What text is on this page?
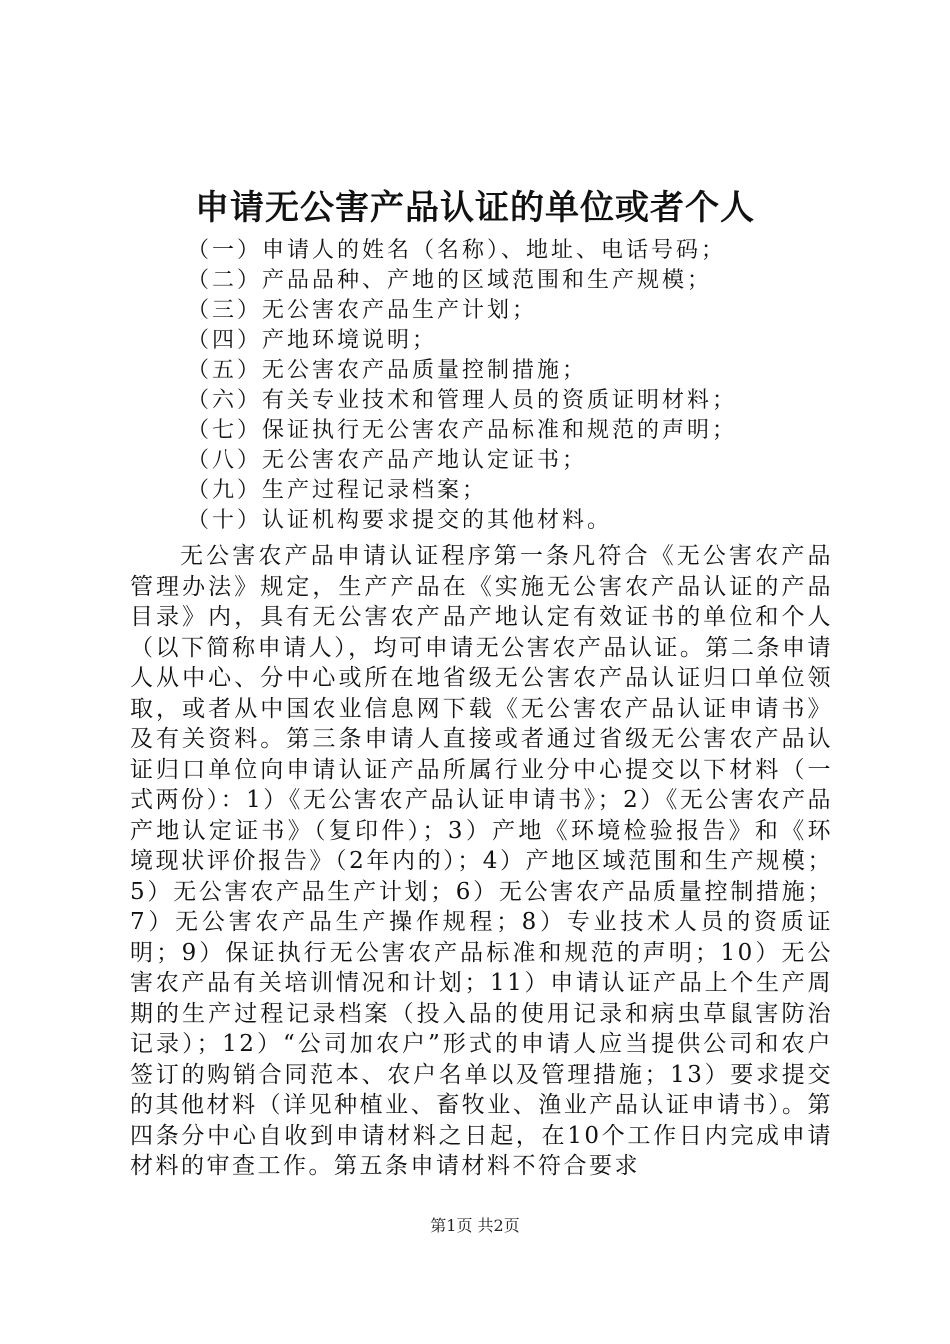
申请无公害产品认证的单位或者个人
（一）申请人的姓名（名称）、地址、电话号码；
（二）产品品种、产地的区域范围和生产规模；
（三）无公害农产品生产计划；
（四）产地环境说明；
（五）无公害农产品质量控制措施；
（六）有关专业技术和管理人员的资质证明材料；
（七）保证执行无公害农产品标准和规范的声明；
（八）无公害农产品产地认定证书；
（九）生产过程记录档案；
（十）认证机构要求提交的其他材料。

无公害农产品申请认证程序第一条凡符合《无公害农产品管理办法》规定，生产产品在《实施无公害农产品认证的产品目录》内，具有无公害农产品产地认定有效证书的单位和个人（以下简称申请人），均可申请无公害农产品认证。第二条申请人从中心、分中心或所在地省级无公害农产品认证归口单位领取，或者从中国农业信息网下载《无公害农产品认证申请书》及有关资料。第三条申请人直接或者通过省级无公害农产品认证归口单位向申请认证产品所属行业分中心提交以下材料（一式两份）：1）《无公害农产品认证申请书》；2）《无公害农产品产地认定证书》（复印件）；3）产地《环境检验报告》和《环境现状评价报告》（2年内的）；4）产地区域范围和生产规模；5）无公害农产品生产计划；6）无公害农产品质量控制措施；7）无公害农产品生产操作规程；8）专业技术人员的资质证明；9）保证执行无公害农产品标准和规范的声明；10）无公害农产品有关培训情况和计划；11）申请认证产品上个生产周期的生产过程记录档案（投入品的使用记录和病虫草鼠害防治记录）；12）“公司加农户”形式的申请人应当提供公司和农户签订的购销合同范本、农户名单以及管理措施；13）要求提交的其他材料（详见种植业、畜牧业、渔业产品认证申请书）。第四条分中心自收到申请材料之日起，在10个工作日内完成申请材料的审查工作。第五条申请材料不符合要求

第1页 共2页
